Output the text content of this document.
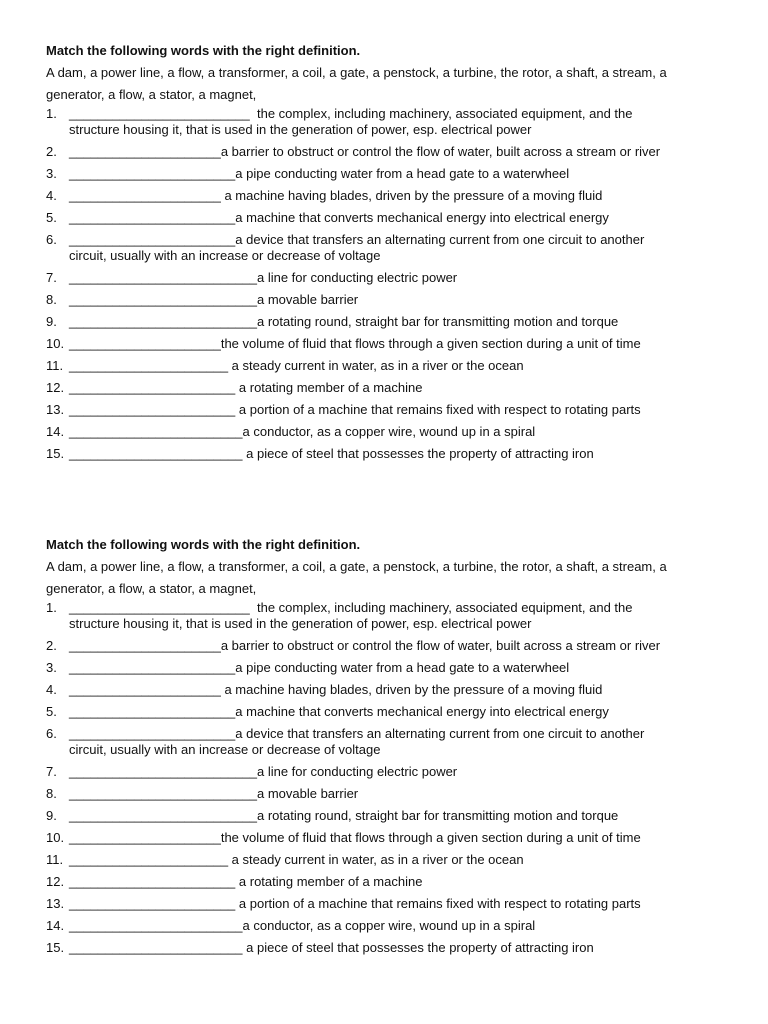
Match the following words with the right definition.

A dam, a power line, a flow, a transformer, a coil, a gate, a penstock, a turbine, the rotor, a shaft, a stream, a generator, a flow, a stator, a magnet,

1. _________________________  the complex, including machinery, associated equipment, and the
structure housing it, that is used in the generation of power, esp. electrical power
2. _____________________a barrier to obstruct or control the flow of water, built across a stream or river
3. _______________________a pipe conducting water from a head gate to a waterwheel
4. _____________________ a machine having blades, driven by the pressure of a moving fluid
5. _______________________a machine that converts mechanical energy into electrical energy
6. _______________________a device that transfers an alternating current from one circuit to another
circuit, usually with an increase or decrease of voltage
7. __________________________a line for conducting electric power
8. __________________________a movable barrier
9. __________________________a rotating round, straight bar for transmitting motion and torque
10. _____________________the volume of fluid that flows through a given section during a unit of time
11. ______________________ a steady current in water, as in a river or the ocean
12. _______________________ a rotating member of a machine
13. _______________________ a portion of a machine that remains fixed with respect to rotating parts
14. ________________________a conductor, as a copper wire, wound up in a spiral
15. ________________________ a piece of steel that possesses the property of attracting iron

Match the following words with the right definition.

A dam, a power line, a flow, a transformer, a coil, a gate, a penstock, a turbine, the rotor, a shaft, a stream, a generator, a flow, a stator, a magnet,

1. _________________________  the complex, including machinery, associated equipment, and the
structure housing it, that is used in the generation of power, esp. electrical power
2. _____________________a barrier to obstruct or control the flow of water, built across a stream or river
3. _______________________a pipe conducting water from a head gate to a waterwheel
4. _____________________ a machine having blades, driven by the pressure of a moving fluid
5. _______________________a machine that converts mechanical energy into electrical energy
6. _______________________a device that transfers an alternating current from one circuit to another
circuit, usually with an increase or decrease of voltage
7. __________________________a line for conducting electric power
8. __________________________a movable barrier
9. __________________________a rotating round, straight bar for transmitting motion and torque
10. _____________________the volume of fluid that flows through a given section during a unit of time
11. ______________________ a steady current in water, as in a river or the ocean
12. _______________________ a rotating member of a machine
13. _______________________ a portion of a machine that remains fixed with respect to rotating parts
14. ________________________a conductor, as a copper wire, wound up in a spiral
15. ________________________ a piece of steel that possesses the property of attracting iron
